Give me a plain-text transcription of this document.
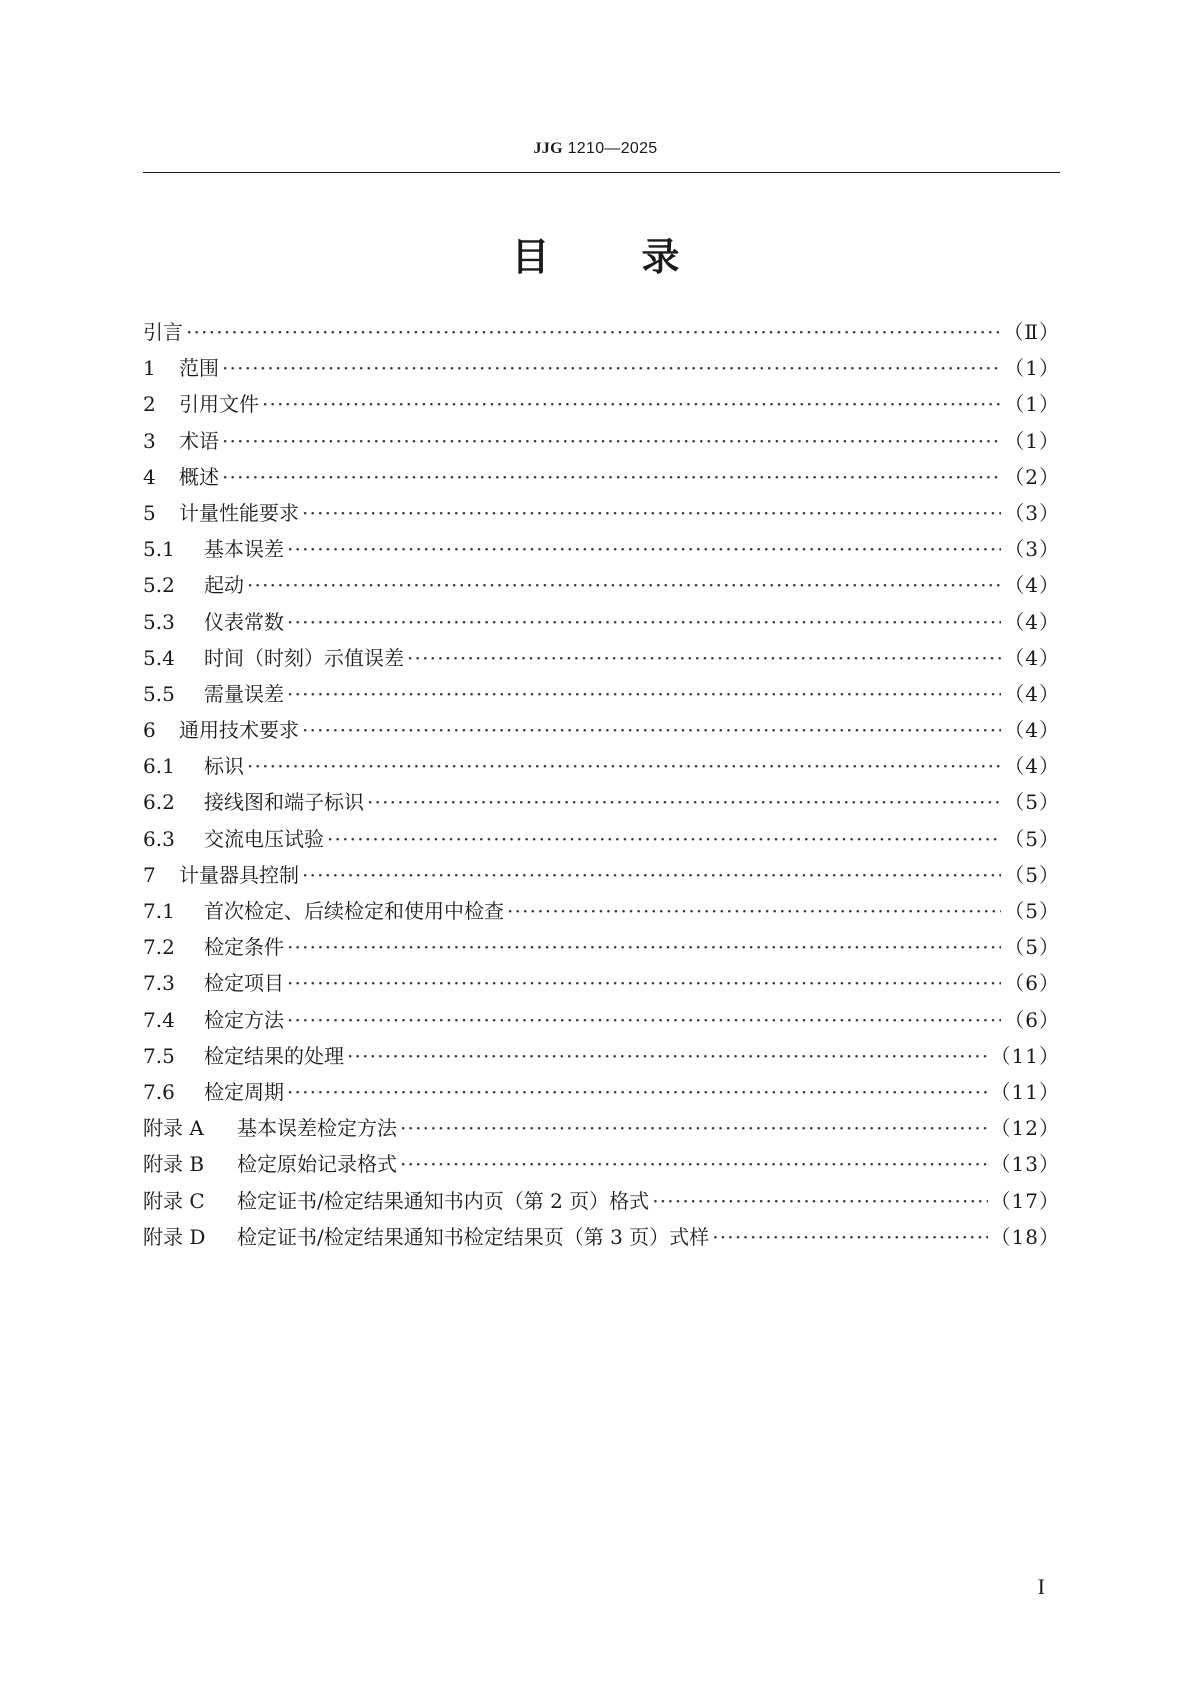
JJG 1210—2025
目 录
引言 ·····	（Ⅱ）
1	范围 ·····	（1）
2	引用文件 ·····	（1）
3	术语 ·····	（1）
4	概述 ·····	（2）
5	计量性能要求 ·····	（3）
5.1	基本误差 ·····	（3）
5.2	起动 ·····	（4）
5.3	仪表常数 ·····	（4）
5.4	时间（时刻）示值误差 ·····	（4）
5.5	需量误差 ·····	（4）
6	通用技术要求 ·····	（4）
6.1	标识 ·····	（4）
6.2	接线图和端子标识 ·····	（5）
6.3	交流电压试验 ·····	（5）
7	计量器具控制 ·····	（5）
7.1	首次检定、后续检定和使用中检查 ·····	（5）
7.2	检定条件 ·····	（5）
7.3	检定项目 ·····	（6）
7.4	检定方法 ·····	（6）
7.5	检定结果的处理 ·····	（11）
7.6	检定周期 ·····	（11）
附录 A	基本误差检定方法 ·····	（12）
附录 B	检定原始记录格式 ·····	（13）
附录 C	检定证书/检定结果通知书内页（第 2 页）格式 ·····	（17）
附录 D	检定证书/检定结果通知书检定结果页（第 3 页）式样 ·····	（18）
I
